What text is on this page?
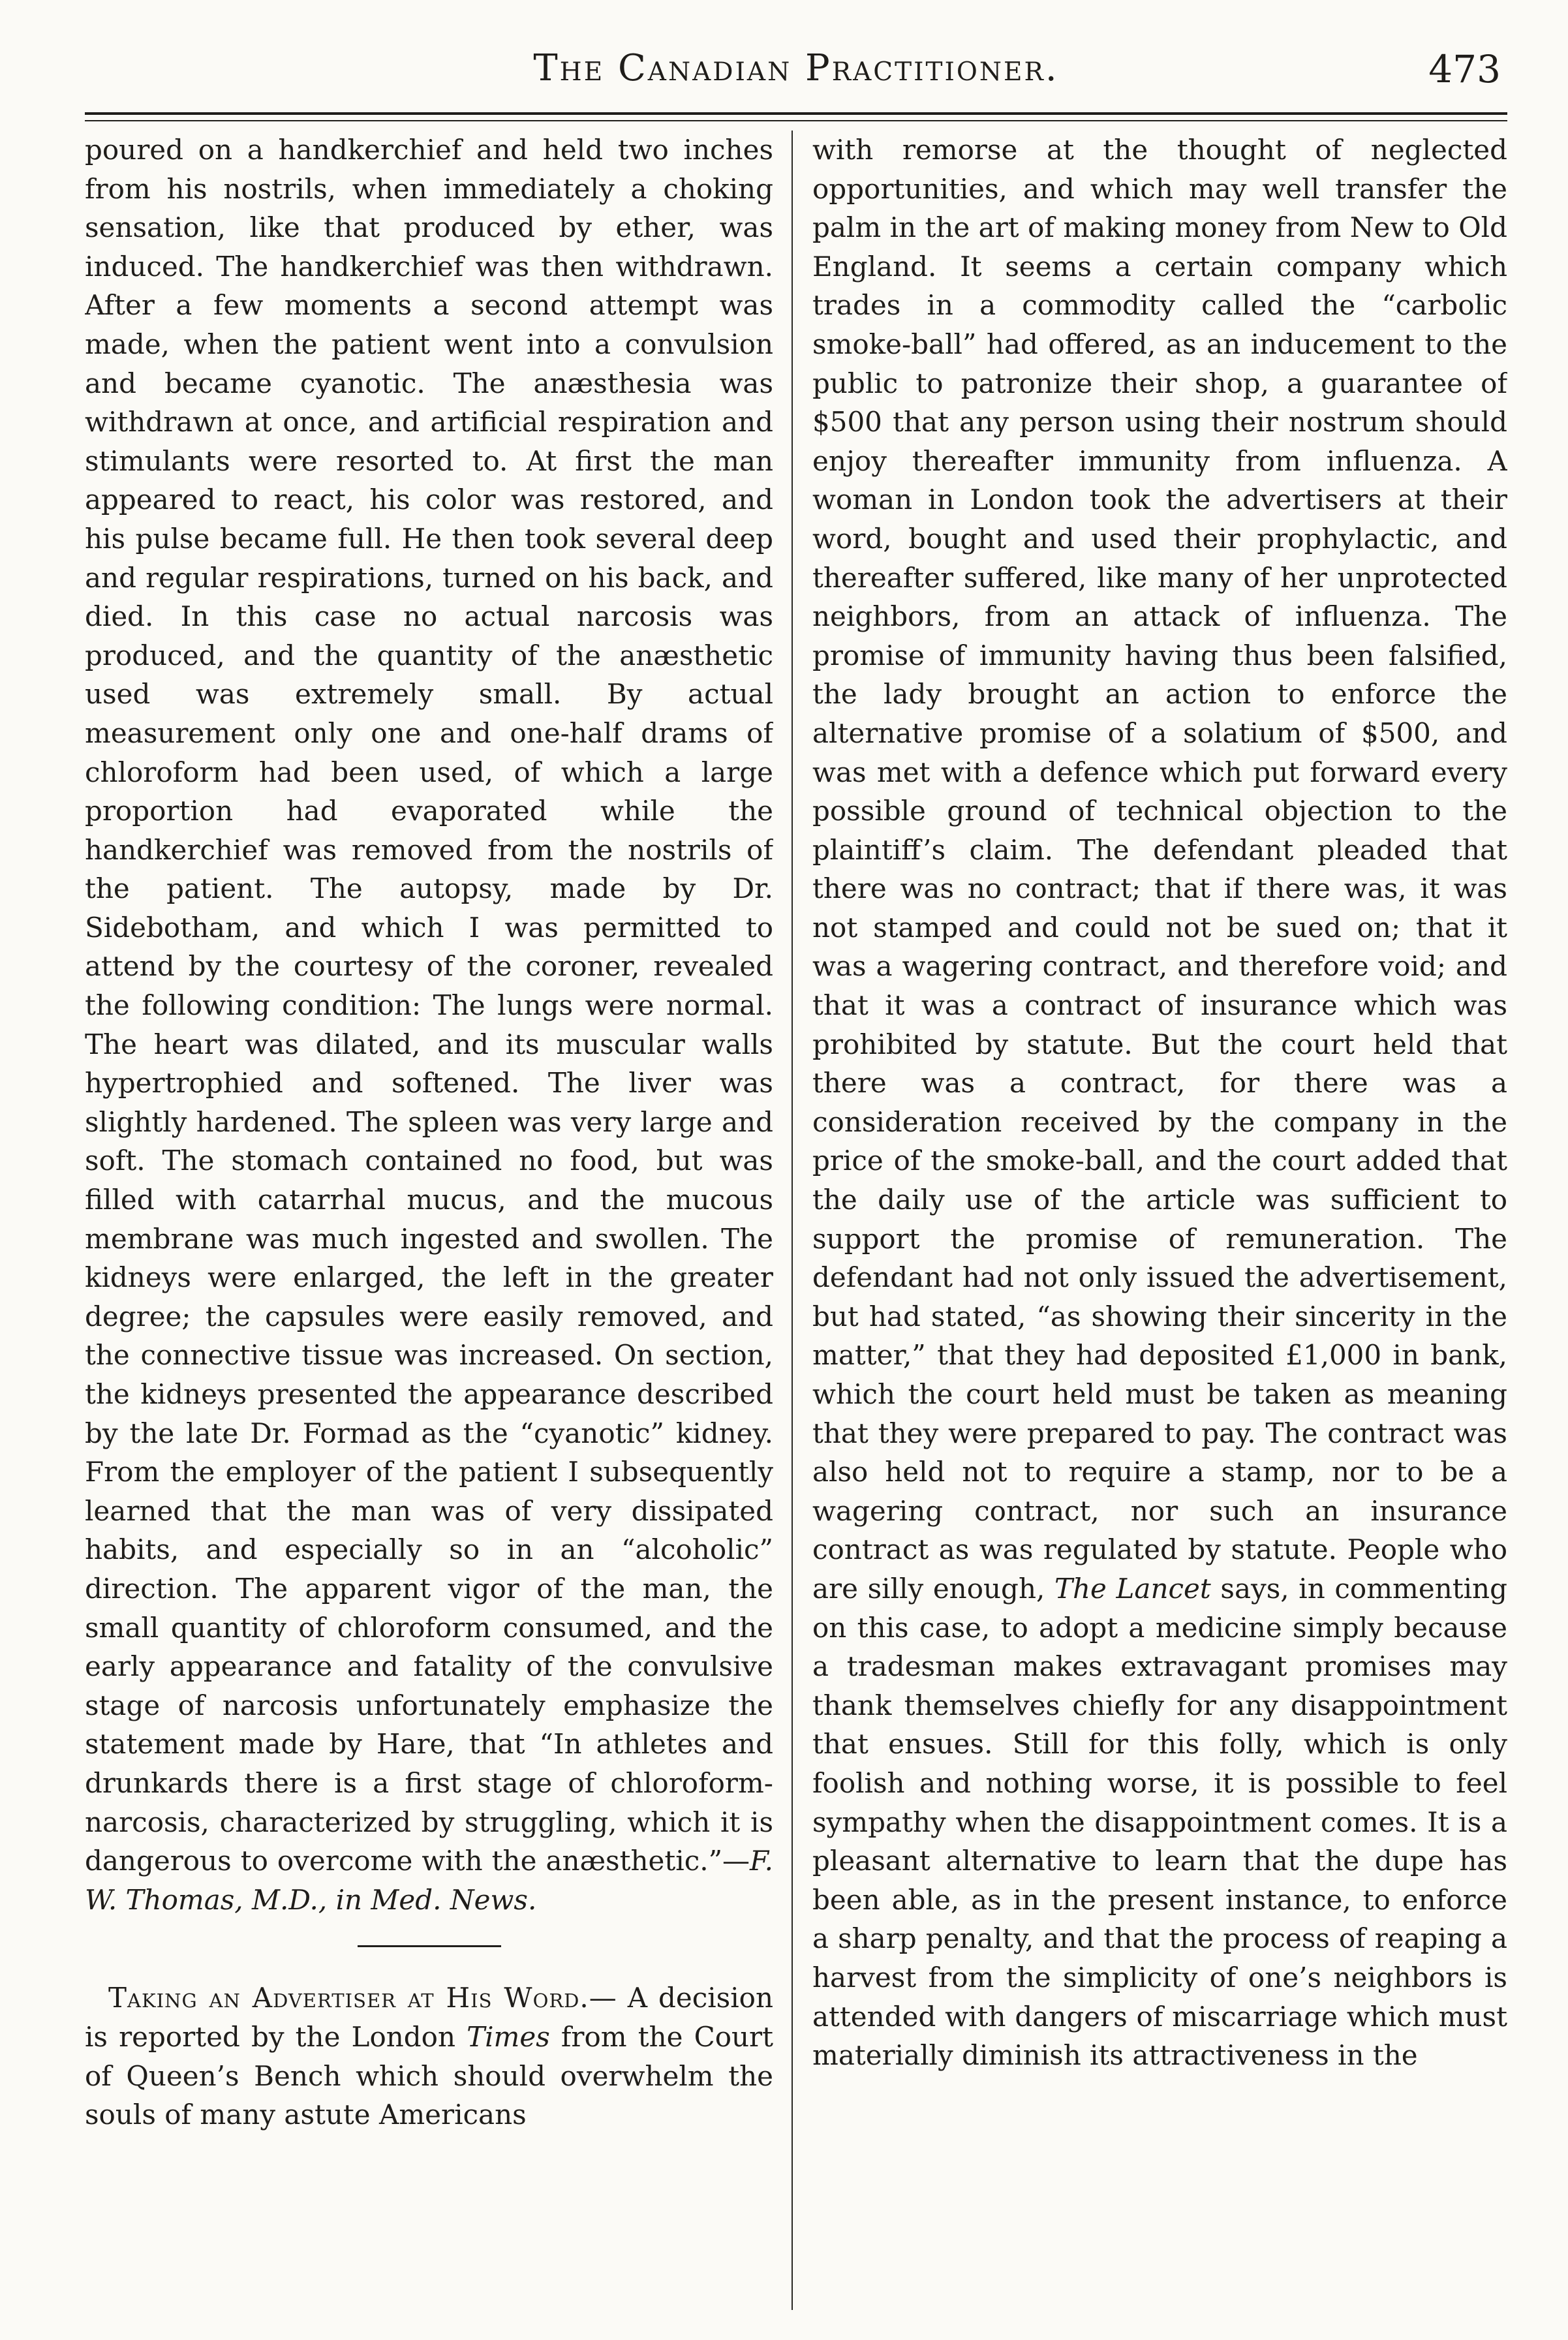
The Canadian Practitioner.	473

poured on a handkerchief and held two inches from his nostrils, when immediately a choking sensation, like that produced by ether, was induced. The handkerchief was then withdrawn. After a few moments a second attempt was made, when the patient went into a convulsion and became cyanotic. The anæsthesia was withdrawn at once, and artificial respiration and stimulants were resorted to. At first the man appeared to react, his color was restored, and his pulse became full. He then took several deep and regular respirations, turned on his back, and died. In this case no actual narcosis was produced, and the quantity of the anæsthetic used was extremely small. By actual measurement only one and one-half drams of chloroform had been used, of which a large proportion had evaporated while the handkerchief was removed from the nostrils of the patient. The autopsy, made by Dr. Sidebotham, and which I was permitted to attend by the courtesy of the coroner, revealed the following condition: The lungs were normal. The heart was dilated, and its muscular walls hypertrophied and softened. The liver was slightly hardened. The spleen was very large and soft. The stomach contained no food, but was filled with catarrhal mucus, and the mucous membrane was much ingested and swollen. The kidneys were enlarged, the left in the greater degree; the capsules were easily removed, and the connective tissue was increased. On section, the kidneys presented the appearance described by the late Dr. Formad as the “cyanotic” kidney. From the employer of the patient I subsequently learned that the man was of very dissipated habits, and especially so in an “alcoholic” direction. The apparent vigor of the man, the small quantity of chloroform consumed, and the early appearance and fatality of the convulsive stage of narcosis unfortunately emphasize the statement made by Hare, that “In athletes and drunkards there is a first stage of chloroform-narcosis, characterized by struggling, which it is dangerous to overcome with the anæsthetic.”—F. W. Thomas, M.D., in Med. News.

Taking an Advertiser at His Word.— A decision is reported by the London Times from the Court of Queen’s Bench which should overwhelm the souls of many astute Americans

with remorse at the thought of neglected opportunities, and which may well transfer the palm in the art of making money from New to Old England. It seems a certain company which trades in a commodity called the “carbolic smoke-ball” had offered, as an inducement to the public to patronize their shop, a guarantee of $500 that any person using their nostrum should enjoy thereafter immunity from influenza. A woman in London took the advertisers at their word, bought and used their prophylactic, and thereafter suffered, like many of her unprotected neighbors, from an attack of influenza. The promise of immunity having thus been falsified, the lady brought an action to enforce the alternative promise of a solatium of $500, and was met with a defence which put forward every possible ground of technical objection to the plaintiff’s claim. The defendant pleaded that there was no contract; that if there was, it was not stamped and could not be sued on; that it was a wagering contract, and therefore void; and that it was a contract of insurance which was prohibited by statute. But the court held that there was a contract, for there was a consideration received by the company in the price of the smoke-ball, and the court added that the daily use of the article was sufficient to support the promise of remuneration. The defendant had not only issued the advertisement, but had stated, “as showing their sincerity in the matter,” that they had deposited £1,000 in bank, which the court held must be taken as meaning that they were prepared to pay. The contract was also held not to require a stamp, nor to be a wagering contract, nor such an insurance contract as was regulated by statute. People who are silly enough, The Lancet says, in commenting on this case, to adopt a medicine simply because a tradesman makes extravagant promises may thank themselves chiefly for any disappointment that ensues. Still for this folly, which is only foolish and nothing worse, it is possible to feel sympathy when the disappointment comes. It is a pleasant alternative to learn that the dupe has been able, as in the present instance, to enforce a sharp penalty, and that the process of reaping a harvest from the simplicity of one’s neighbors is attended with dangers of miscarriage which must materially diminish its attractiveness in the
